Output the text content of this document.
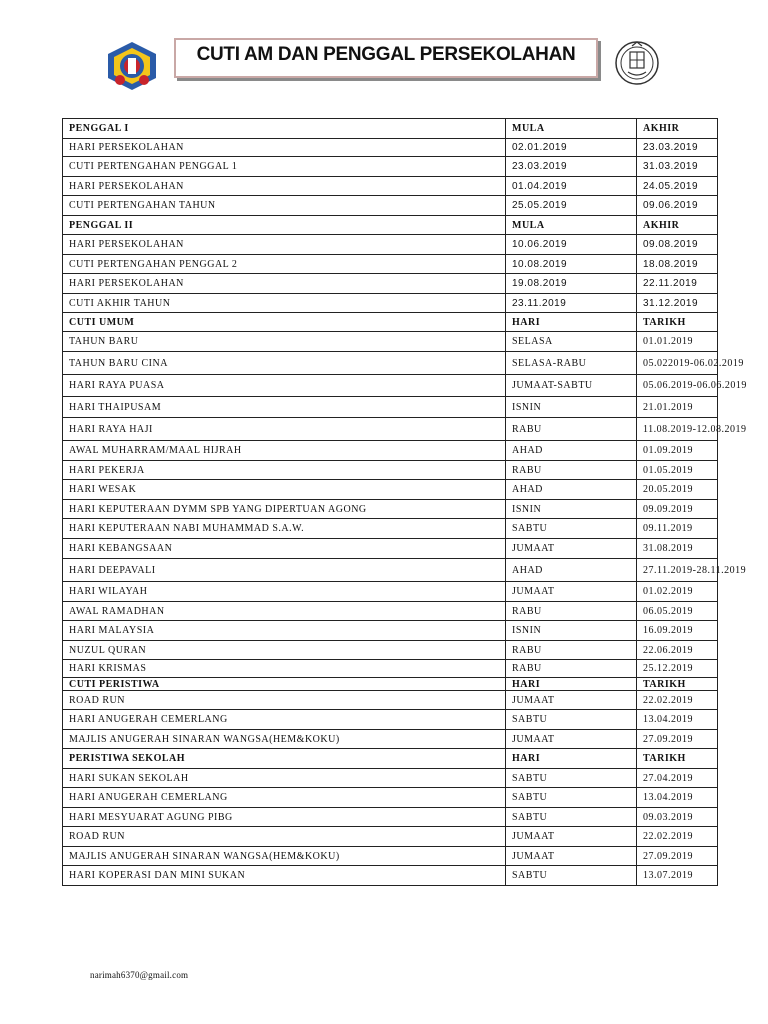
CUTI AM DAN PENGGAL PERSEKOLAHAN
PENGGAL I	MULA	AKHIR
HARI PERSEKOLAHAN	02.01.2019	23.03.2019
CUTI PERTENGAHAN PENGGAL 1	23.03.2019	31.03.2019
HARI PERSEKOLAHAN	01.04.2019	24.05.2019
CUTI PERTENGAHAN TAHUN	25.05.2019	09.06.2019
PENGGAL II	MULA	AKHIR
HARI PERSEKOLAHAN	10.06.2019	09.08.2019
CUTI PERTENGAHAN PENGGAL 2	10.08.2019	18.08.2019
HARI PERSEKOLAHAN	19.08.2019	22.11.2019
CUTI AKHIR TAHUN	23.11.2019	31.12.2019
CUTI UMUM	HARI	TARIKH
TAHUN BARU	SELASA	01.01.2019
TAHUN BARU CINA	SELASA-RABU	05.022019-06.02.2019
HARI RAYA PUASA	JUMAAT-SABTU	05.06.2019-06.06.2019
HARI THAIPUSAM	ISNIN	21.01.2019
HARI RAYA HAJI	RABU	11.08.2019-12.08.2019
AWAL MUHARRAM/MAAL HIJRAH	AHAD	01.09.2019
HARI PEKERJA	RABU	01.05.2019
HARI WESAK	AHAD	20.05.2019
HARI KEPUTERAAN DYMM SPB YANG DIPERTUAN AGONG	ISNIN	09.09.2019
HARI KEPUTERAAN NABI MUHAMMAD S.A.W.	SABTU	09.11.2019
HARI KEBANGSAAN	JUMAAT	31.08.2019
HARI DEEPAVALI	AHAD	27.11.2019-28.11.2019
HARI WILAYAH	JUMAAT	01.02.2019
AWAL RAMADHAN	RABU	06.05.2019
HARI MALAYSIA	ISNIN	16.09.2019
NUZUL QURAN	RABU	22.06.2019
HARI KRISMAS	RABU	25.12.2019
CUTI PERISTIWA	HARI	TARIKH
ROAD RUN	JUMAAT	22.02.2019
HARI ANUGERAH CEMERLANG	SABTU	13.04.2019
MAJLIS ANUGERAH SINARAN WANGSA(HEM&KOKU)	JUMAAT	27.09.2019
PERISTIWA SEKOLAH	HARI	TARIKH
HARI SUKAN SEKOLAH	SABTU	27.04.2019
HARI ANUGERAH CEMERLANG	SABTU	13.04.2019
HARI MESYUARAT AGUNG PIBG	SABTU	09.03.2019
ROAD RUN	JUMAAT	22.02.2019
MAJLIS ANUGERAH SINARAN WANGSA(HEM&KOKU)	JUMAAT	27.09.2019
HARI KOPERASI DAN MINI SUKAN	SABTU	13.07.2019
narimah6370@gmail.com
